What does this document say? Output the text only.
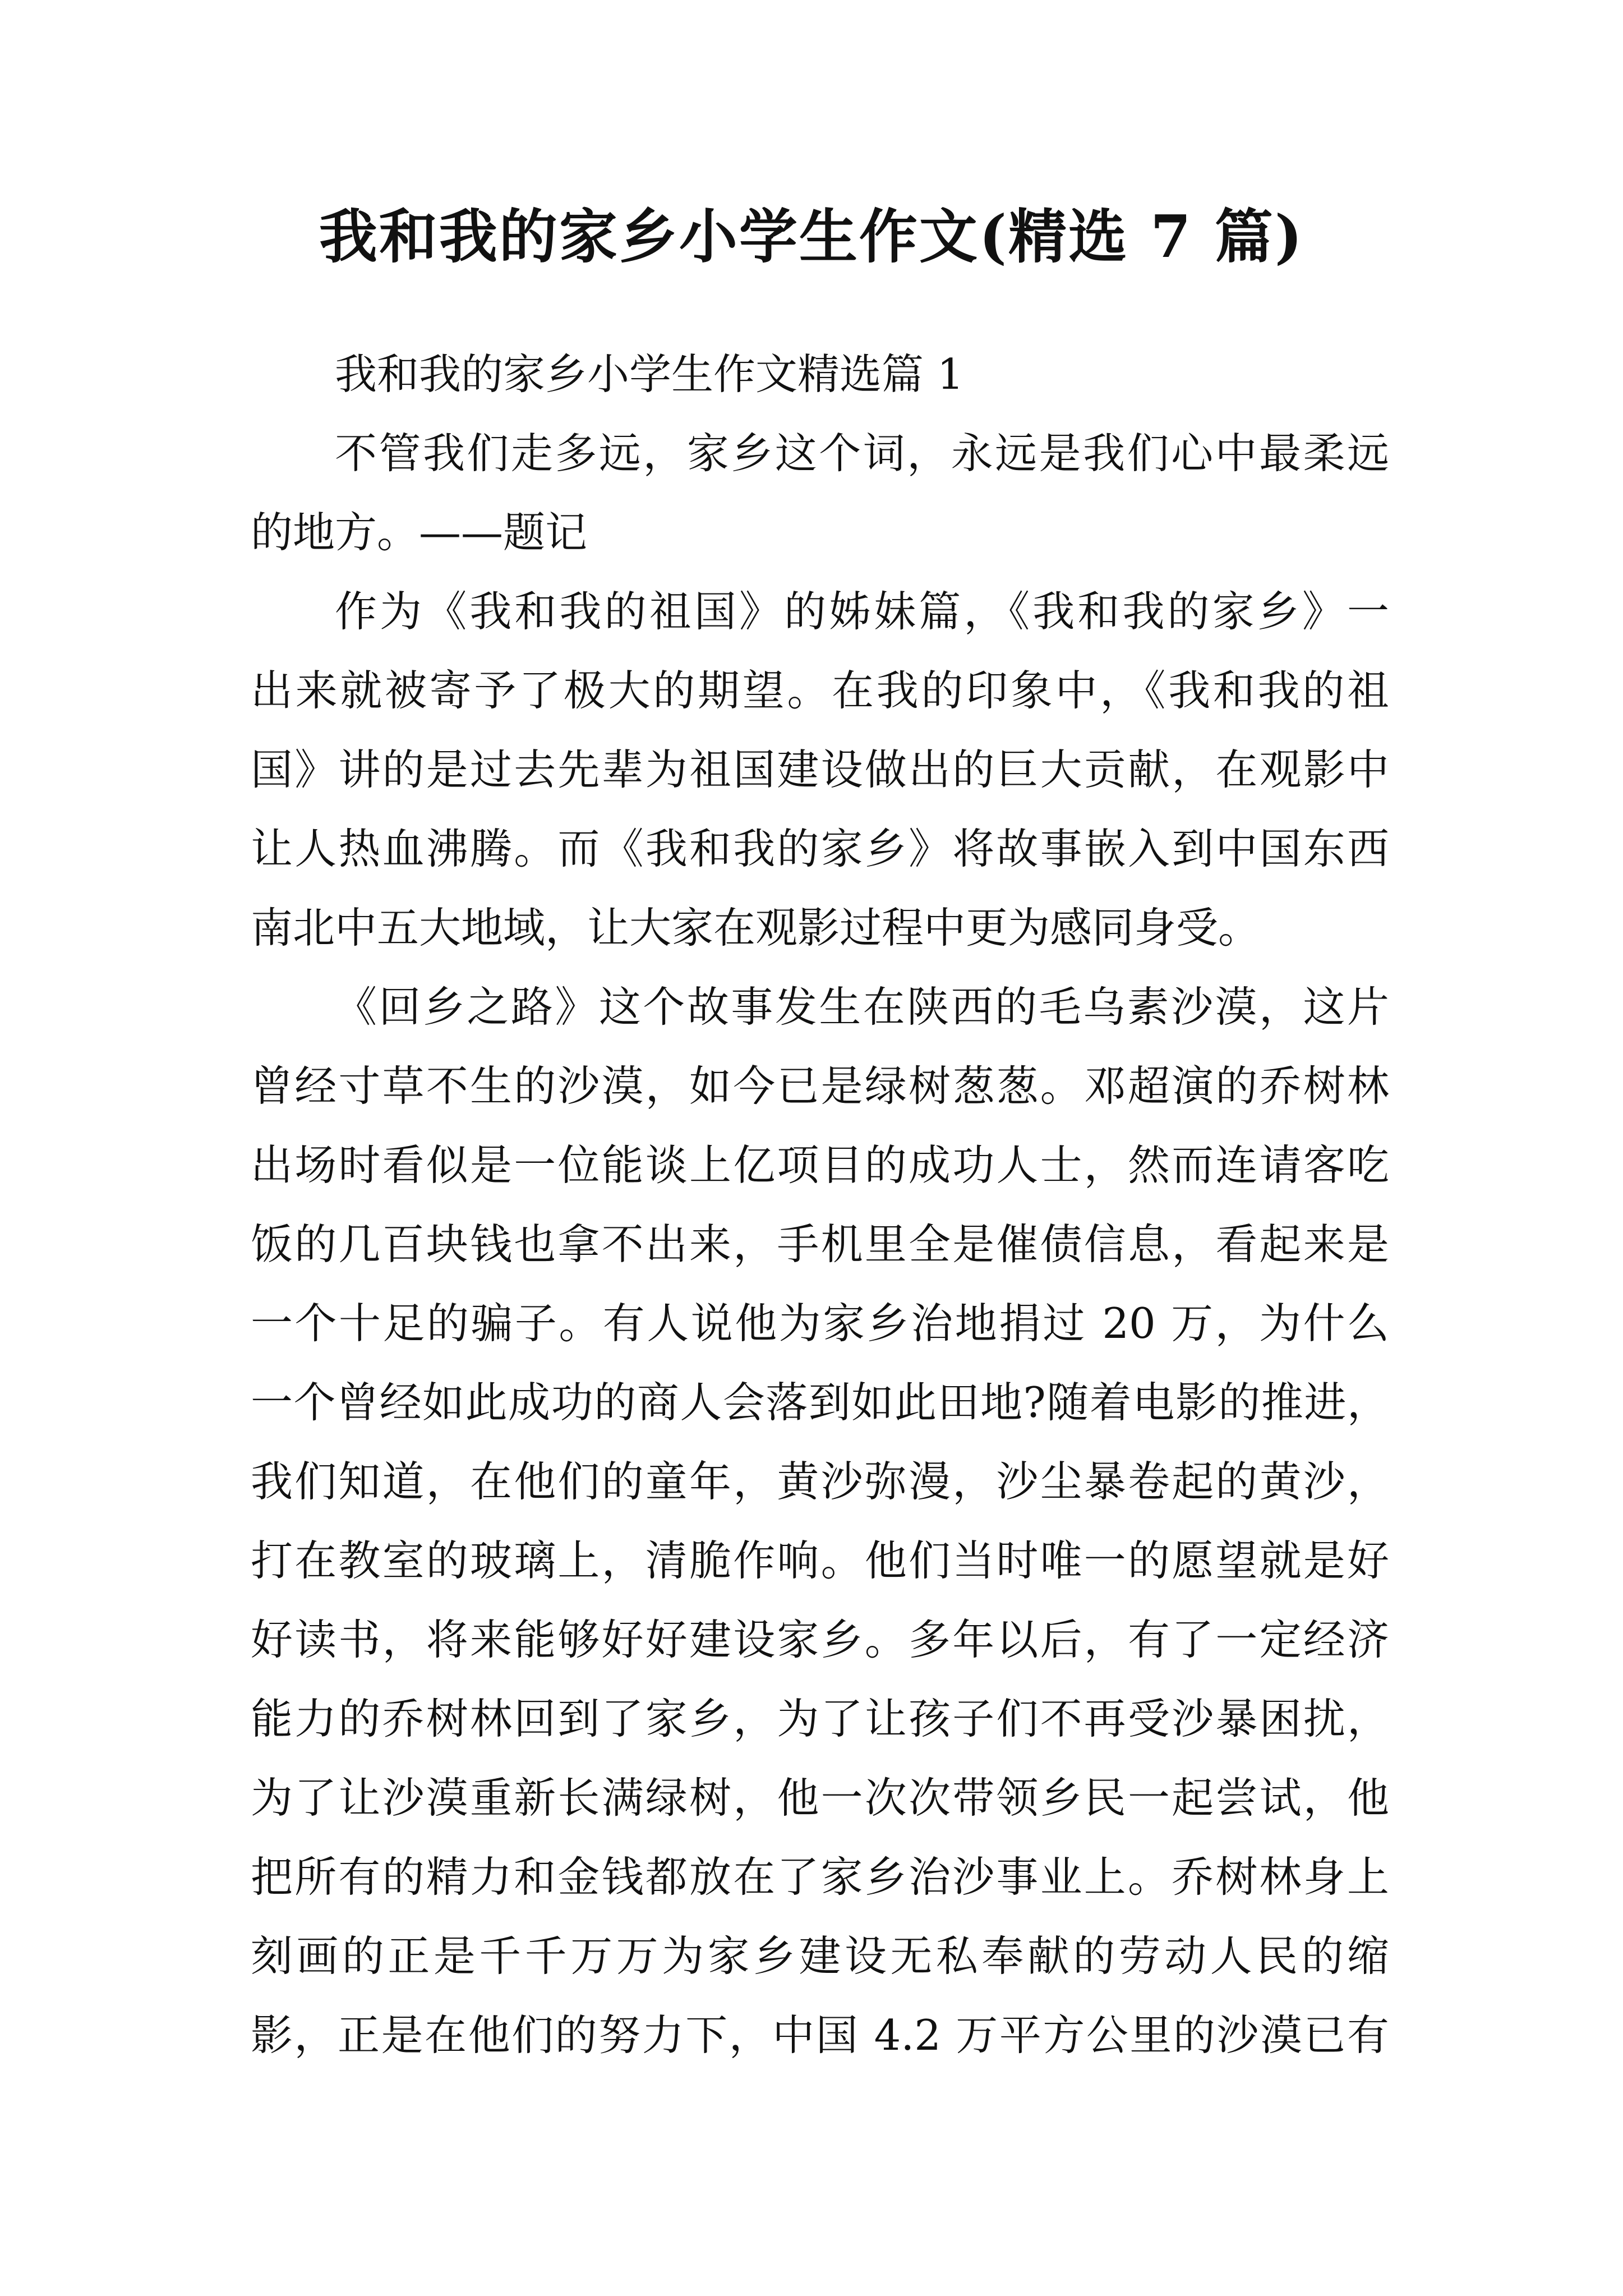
我和我的家乡小学生作文(精选 7 篇)
我和我的家乡小学生作文精选篇 1
不管我们走多远，家乡这个词，永远是我们心中最柔远
的地方。——题记
作为《我和我的祖国》的姊妹篇，《我和我的家乡》一
出来就被寄予了极大的期望。在我的印象中，《我和我的祖
国》讲的是过去先辈为祖国建设做出的巨大贡献，在观影中
让人热血沸腾。而《我和我的家乡》将故事嵌入到中国东西
南北中五大地域，让大家在观影过程中更为感同身受。
《回乡之路》这个故事发生在陕西的毛乌素沙漠，这片
曾经寸草不生的沙漠，如今已是绿树葱葱。邓超演的乔树林
出场时看似是一位能谈上亿项目的成功人士，然而连请客吃
饭的几百块钱也拿不出来，手机里全是催债信息，看起来是
一个十足的骗子。有人说他为家乡治地捐过 20 万，为什么
一个曾经如此成功的商人会落到如此田地?随着电影的推进，
我们知道，在他们的童年，黄沙弥漫，沙尘暴卷起的黄沙，
打在教室的玻璃上，清脆作响。他们当时唯一的愿望就是好
好读书，将来能够好好建设家乡。多年以后，有了一定经济
能力的乔树林回到了家乡，为了让孩子们不再受沙暴困扰，
为了让沙漠重新长满绿树，他一次次带领乡民一起尝试，他
把所有的精力和金钱都放在了家乡治沙事业上。乔树林身上
刻画的正是千千万万为家乡建设无私奉献的劳动人民的缩
影，正是在他们的努力下，中国 4.2 万平方公里的沙漠已有
